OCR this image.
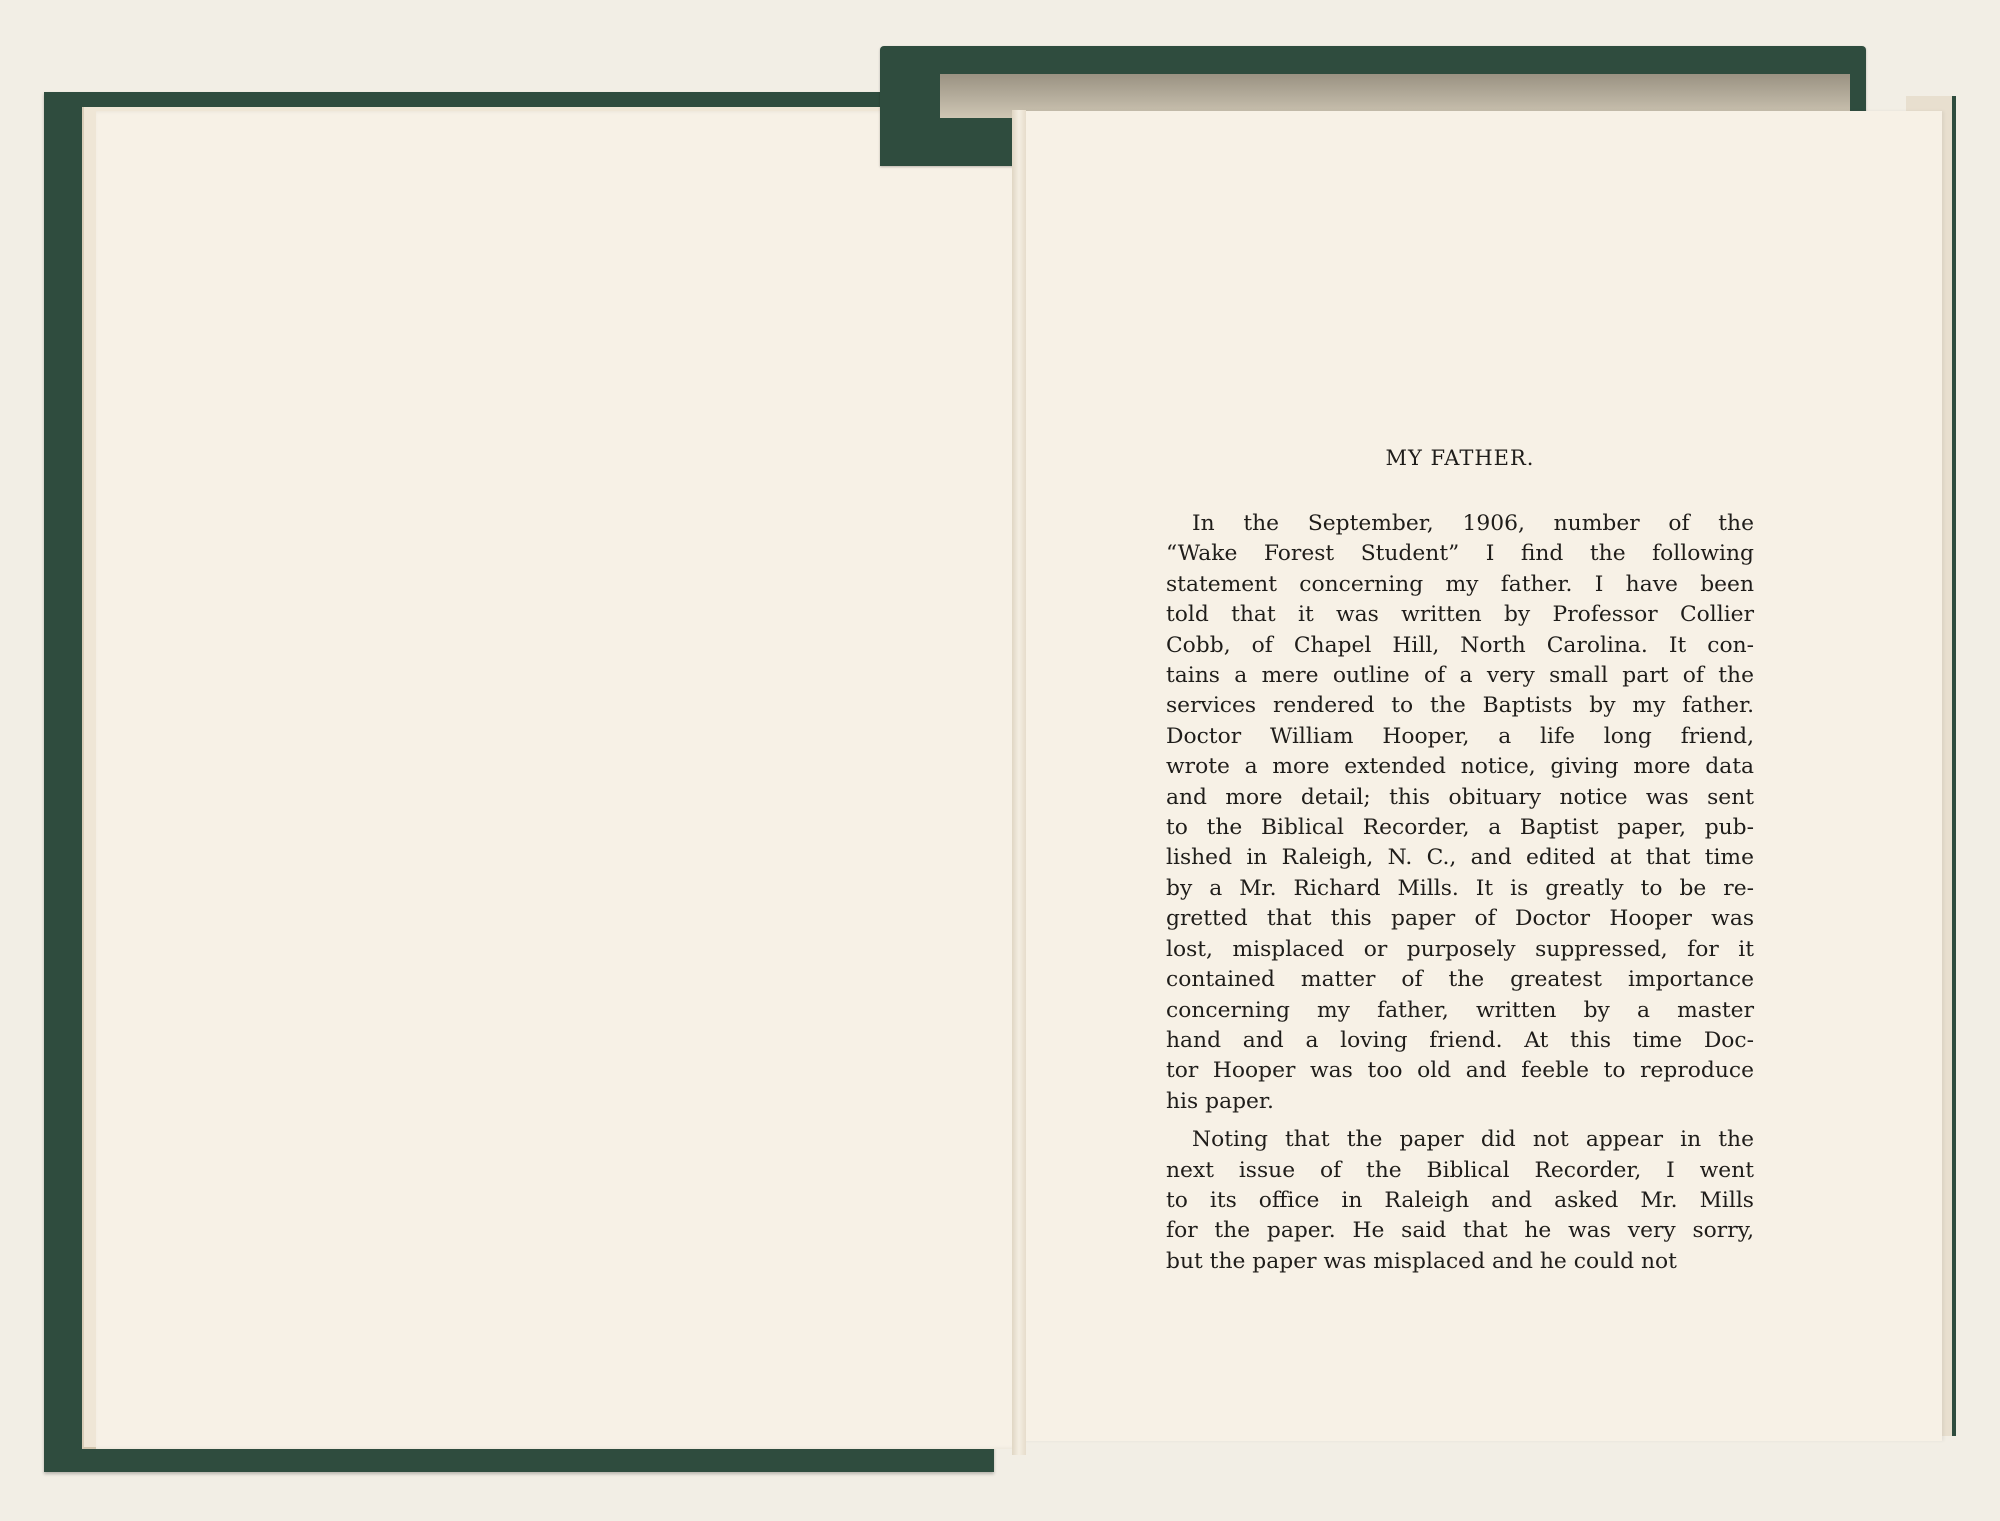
MY FATHER.
In the September, 1906, number of the
“Wake Forest Student” I find the following
statement concerning my father. I have been
told that it was written by Professor Collier
Cobb, of Chapel Hill, North Carolina. It con-
tains a mere outline of a very small part of the
services rendered to the Baptists by my father.
Doctor William Hooper, a life long friend,
wrote a more extended notice, giving more data
and more detail; this obituary notice was sent
to the Biblical Recorder, a Baptist paper, pub-
lished in Raleigh, N. C., and edited at that time
by a Mr. Richard Mills. It is greatly to be re-
gretted that this paper of Doctor Hooper was
lost, misplaced or purposely suppressed, for it
contained matter of the greatest importance
concerning my father, written by a master
hand and a loving friend. At this time Doc-
tor Hooper was too old and feeble to reproduce
his paper.
Noting that the paper did not appear in the
next issue of the Biblical Recorder, I went
to its office in Raleigh and asked Mr. Mills
for the paper. He said that he was very sorry,
but the paper was misplaced and he could not
